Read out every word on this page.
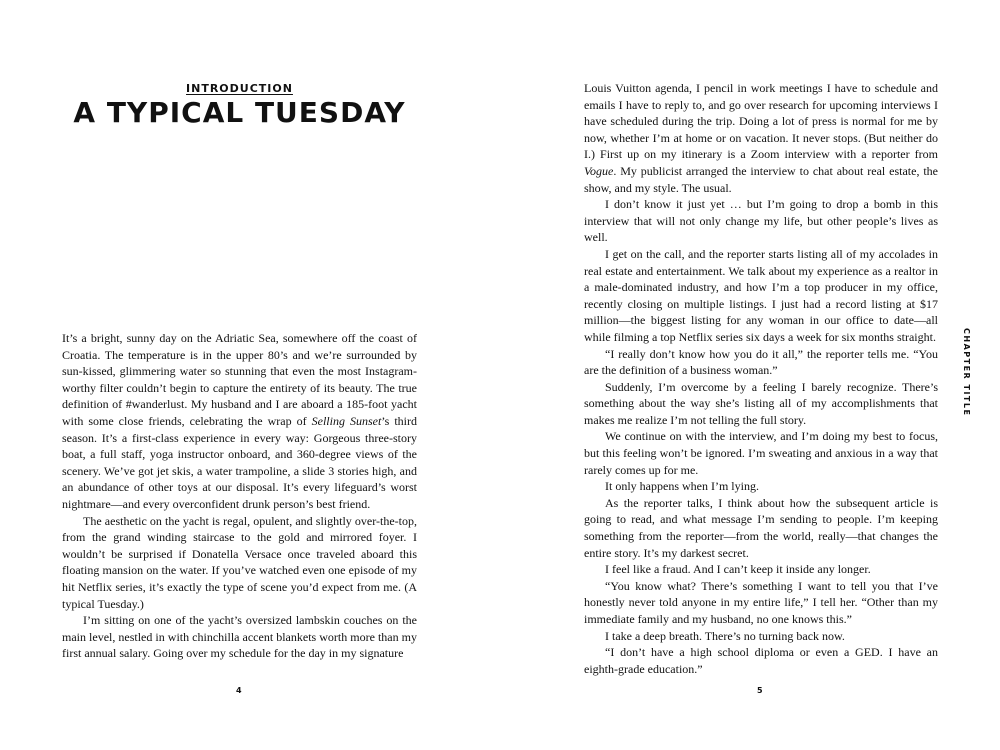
INTRODUCTION
A TYPICAL TUESDAY

It’s a bright, sunny day on the Adriatic Sea, somewhere off the coast of Croatia. The temperature is in the upper 80’s and we’re surrounded by sun-kissed, glimmering water so stunning that even the most Instagram-worthy filter couldn’t begin to capture the entirety of its beauty. The true definition of #wanderlust. My husband and I are aboard a 185-foot yacht with some close friends, celebrating the wrap of Selling Sunset’s third season. It’s a first-class experience in every way: Gorgeous three-story boat, a full staff, yoga instructor onboard, and 360-degree views of the scenery. We’ve got jet skis, a water trampoline, a slide 3 stories high, and an abundance of other toys at our disposal. It’s every lifeguard’s worst nightmare—and every overconfident drunk person’s best friend.

The aesthetic on the yacht is regal, opulent, and slightly over-the-top, from the grand winding staircase to the gold and mirrored foyer. I wouldn’t be surprised if Donatella Versace once traveled aboard this floating mansion on the water. If you’ve watched even one episode of my hit Netflix series, it’s exactly the type of scene you’d expect from me. (A typical Tuesday.)

I’m sitting on one of the yacht’s oversized lambskin couches on the main level, nestled in with chinchilla accent blankets worth more than my first annual salary. Going over my schedule for the day in my signature

4

Louis Vuitton agenda, I pencil in work meetings I have to schedule and emails I have to reply to, and go over research for upcoming interviews I have scheduled during the trip. Doing a lot of press is normal for me by now, whether I’m at home or on vacation. It never stops. (But neither do I.) First up on my itinerary is a Zoom interview with a reporter from Vogue. My publicist arranged the interview to chat about real estate, the show, and my style. The usual.

I don’t know it just yet … but I’m going to drop a bomb in this interview that will not only change my life, but other people’s lives as well.

I get on the call, and the reporter starts listing all of my accolades in real estate and entertainment. We talk about my experience as a realtor in a male-dominated industry, and how I’m a top producer in my office, recently closing on multiple listings. I just had a record listing at $17 million—the biggest listing for any woman in our office to date—all while filming a top Netflix series six days a week for six months straight.

“I really don’t know how you do it all,” the reporter tells me. “You are the definition of a business woman.”

Suddenly, I’m overcome by a feeling I barely recognize. There’s something about the way she’s listing all of my accomplishments that makes me realize I’m not telling the full story.

We continue on with the interview, and I’m doing my best to focus, but this feeling won’t be ignored. I’m sweating and anxious in a way that rarely comes up for me.

It only happens when I’m lying.

As the reporter talks, I think about how the subsequent article is going to read, and what message I’m sending to people. I’m keeping something from the reporter—from the world, really—that changes the entire story. It’s my darkest secret.

I feel like a fraud. And I can’t keep it inside any longer.

“You know what? There’s something I want to tell you that I’ve honestly never told anyone in my entire life,” I tell her. “Other than my immediate family and my husband, no one knows this.”

I take a deep breath. There’s no turning back now.

“I don’t have a high school diploma or even a GED. I have an eighth-grade education.”

5
CHAPTER TITLE
